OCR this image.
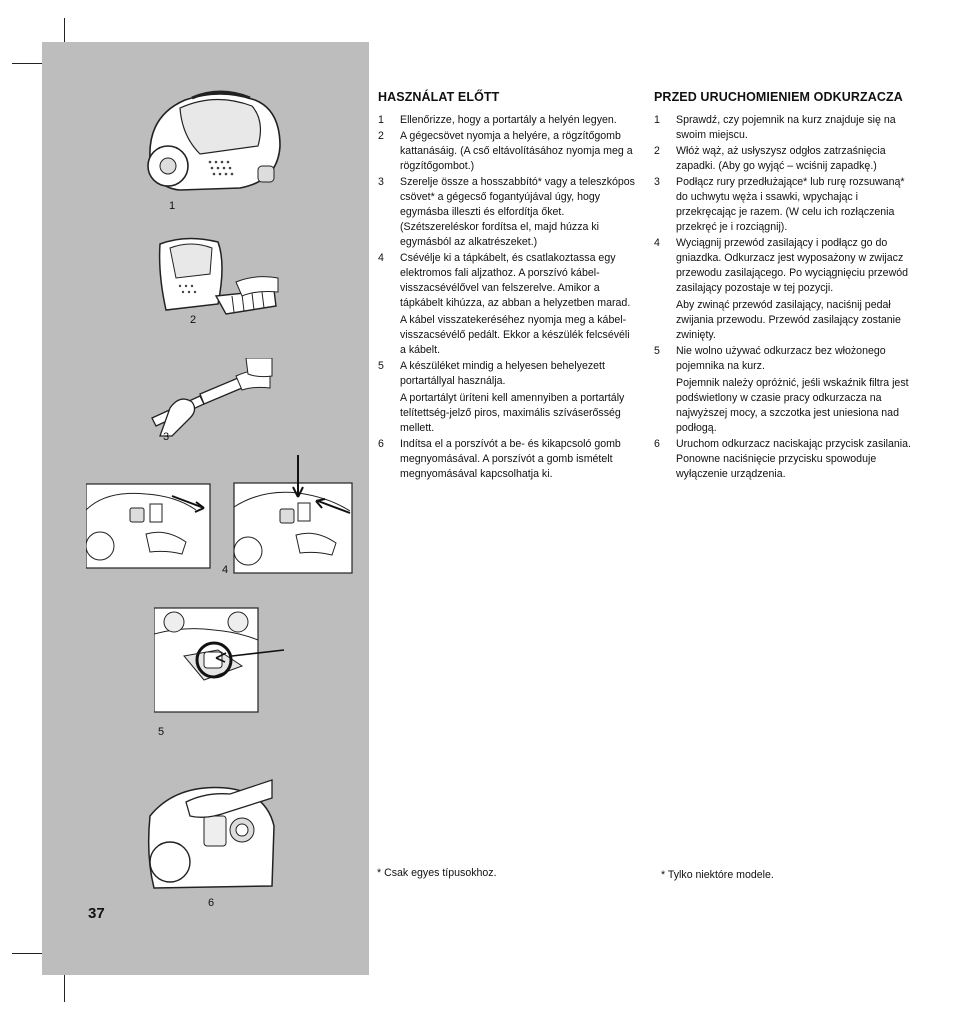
1
2
3
4
5
6
37
HASZNÁLAT ELŐTT
1 Ellenőrizze, hogy a portartály a helyén legyen.
2 A gégecsövet nyomja a helyére, a rögzítőgomb kattanásáig. (A cső eltávolításához nyomja meg a rögzítőgombot.)
3 Szerelje össze a hosszabbító* vagy a teleszkópos csövet* a gégecső fogantyújával úgy, hogy egymásba illeszti és elfordítja őket. (Szétszereléskor fordítsa el, majd húzza ki egymásból az alkatrészeket.)
4 Csévélje ki a tápkábelt, és csatlakoztassa egy elektromos fali aljzathoz. A porszívó kábel-visszacsévélővel van felszerelve. Amikor a tápkábelt kihúzza, az abban a helyzetben marad.
A kábel visszatekeréséhez nyomja meg a kábel-visszacsévélő pedált. Ekkor a készülék felcsévéli a kábelt.
5 A készüléket mindig a helyesen behelyezett portartállyal használja.
A portartályt üríteni kell amennyiben a portartály telítettség-jelző piros, maximális szíváserősség mellett.
6 Indítsa el a porszívót a be- és kikapcsoló gomb megnyomásával. A porszívót a gomb ismételt megnyomásával kapcsolhatja ki.
* Csak egyes típusokhoz.
PRZED URUCHOMIENIEM ODKURZACZA
1 Sprawdź, czy pojemnik na kurz znajduje się na swoim miejscu.
2 Włóż wąż, aż usłyszysz odgłos zatrzaśnięcia zapadki. (Aby go wyjąć – wciśnij zapadkę.)
3 Podłącz rury przedłużające* lub rurę rozsuwaną* do uchwytu węża i ssawki, wpychając i przekręcając je razem. (W celu ich rozłączenia przekręć je i rozciągnij).
4 Wyciągnij przewód zasilający i podłącz go do gniazdka. Odkurzacz jest wyposażony w zwijacz przewodu zasilającego. Po wyciągnięciu przewód zasilający pozostaje w tej pozycji.
Aby zwinąć przewód zasilający, naciśnij pedał zwijania przewodu. Przewód zasilający zostanie zwinięty.
5 Nie wolno używać odkurzacz bez włożonego pojemnika na kurz.
Pojemnik należy opróżnić, jeśli wskaźnik filtra jest podświetlony w czasie pracy odkurzacza na najwyższej mocy, a szczotka jest uniesiona nad podłogą.
6 Uruchom odkurzacz naciskając przycisk zasilania. Ponowne naciśnięcie przycisku spowoduje wyłączenie urządzenia.
* Tylko niektóre modele.
